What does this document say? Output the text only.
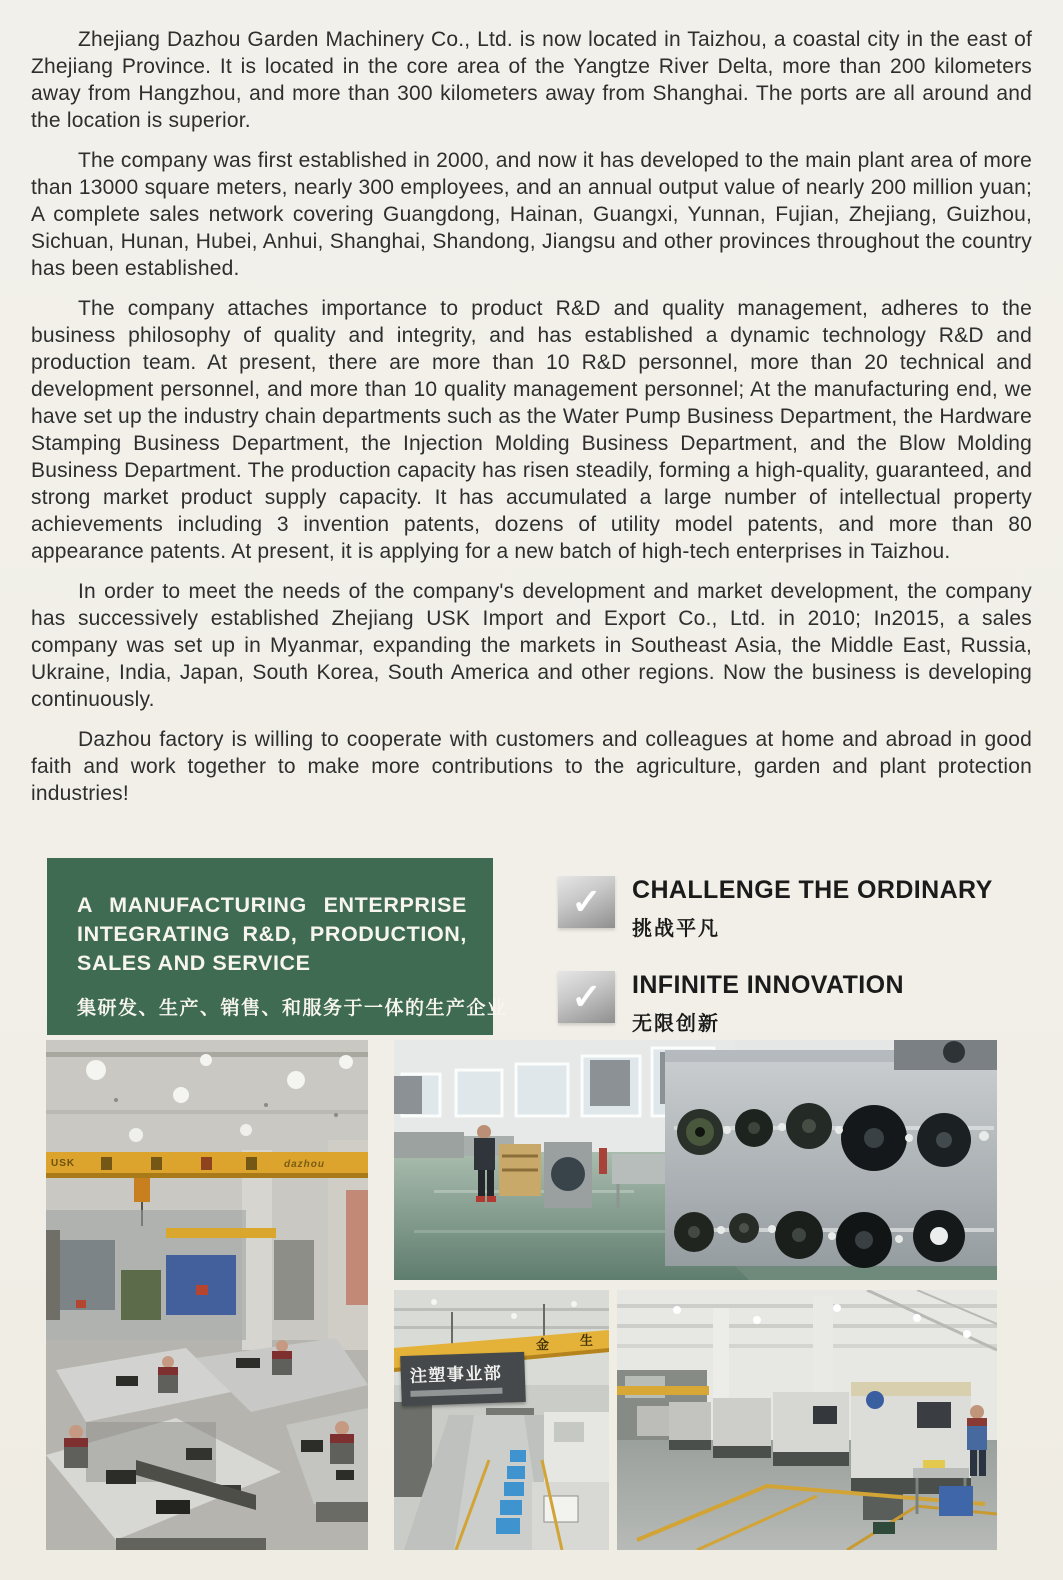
Zhejiang Dazhou Garden Machinery Co., Ltd. is now located in Taizhou, a coastal city in the east of Zhejiang Province. It is located in the core area of the Yangtze River Delta, more than 200 kilometers away from Hangzhou, and more than 300 kilometers away from Shanghai. The ports are all around and the location is superior.

The company was first established in 2000, and now it has developed to the main plant area of more than 13000 square meters, nearly 300 employees, and an annual output value of nearly 200 million yuan; A complete sales network covering Guangdong, Hainan, Guangxi, Yunnan, Fujian, Zhejiang, Guizhou, Sichuan, Hunan, Hubei, Anhui, Shanghai, Shandong, Jiangsu and other provinces throughout the country has been established.

The company attaches importance to product R&D and quality management, adheres to the business philosophy of quality and integrity, and has established a dynamic technology R&D and production team. At present, there are more than 10 R&D personnel, more than 20 technical and development personnel, and more than 10 quality management personnel; At the manufacturing end, we have set up the industry chain departments such as the Water Pump Business Department, the Hardware Stamping Business Department, the Injection Molding Business Department, and the Blow Molding Business Department. The production capacity has risen steadily, forming a high-quality, guaranteed, and strong market product supply capacity. It has accumulated a large number of intellectual property achievements including 3 invention patents, dozens of utility model patents, and more than 80 appearance patents. At present, it is applying for a new batch of high-tech enterprises in Taizhou.

In order to meet the needs of the company's development and market development, the company has successively established Zhejiang USK Import and Export Co., Ltd. in 2010; In2015, a sales company was set up in Myanmar, expanding the markets in Southeast Asia, the Middle East, Russia, Ukraine, India, Japan, South Korea, South America and other regions. Now the business is developing continuously.

Dazhou factory is willing to cooperate with customers and colleagues at home and abroad in good faith and work together to make more contributions to the agriculture, garden and plant protection industries!

A MANUFACTURING ENTERPRISE
INTEGRATING R&D, PRODUCTION,
SALES AND SERVICE
集研发、生产、销售、和服务于一体的生产企业
✓ CHALLENGE THE ORDINARY
挑战平凡
✓ INFINITE INNOVATION
无限创新
USK	dazhou
注塑事业部
金 生
